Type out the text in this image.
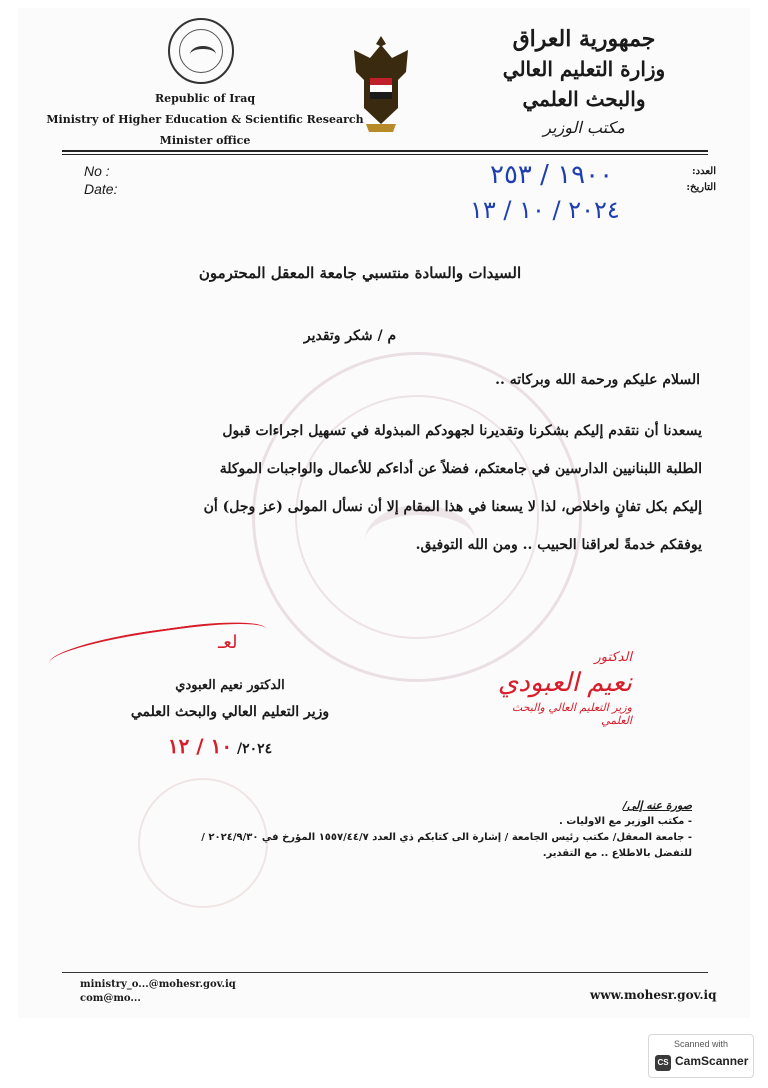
Republic of Iraq
Ministry of Higher Education & Scientific Research
Minister office
جمهورية العراق
وزارة التعليم العالي والبحث العلمي
مكتب الوزير
No :
Date:
العدد:
التاريخ:
١٩٠٠ / ٢٥٣
٢٠٢٤ / ١٠ / ١٣
السيدات والسادة منتسبي جامعة المعقل المحترمون
م / شكر وتقدير
السلام عليكم ورحمة الله وبركاته ..
يسعدنا أن نتقدم إليكم بشكرنا وتقديرنا لجهودكم المبذولة في تسهيل اجراءات قبول
الطلبة اللبنانيين الدارسين في جامعتكم، فضلاً عن أداءكم للأعمال والواجبات الموكلة
إليكم بكل تفانٍ واخلاص، لذا لا يسعنا في هذا المقام إلا أن نسأل المولى (عز وجل) أن
يوفقكم خدمةً لعراقنا الحبيب .. ومن الله التوفيق.
لعـ
الدكتور نعيم العبودي
وزير التعليم العالي والبحث العلمي
٢٠٢٤/ ١٠ / ١٢
الدكتور
نعيم العبودي
وزير التعليم العالي والبحث العلمي
صورة عنه إلى/
- مكتب الوزير مع الاوليات .
- جامعة المعقل/ مكتب رئيس الجامعة / إشارة الى كتابكم ذي العدد ١٥٥٧/٤٤/٧ المؤرخ في ٢٠٢٤/٩/٣٠ /
للتفضل بالاطلاع .. مع التقدير.
ministry_o...@mohesr.gov.iq
com@mo...	www.mohesr.gov.iq
Scanned with
CS CamScanner
